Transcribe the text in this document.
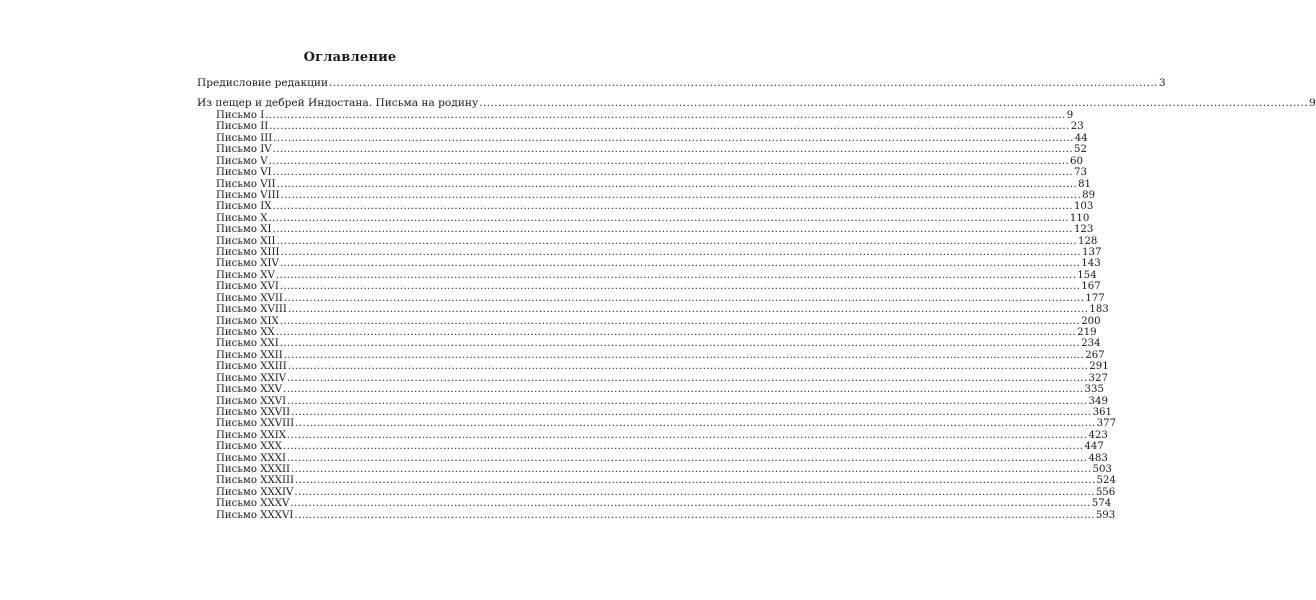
Оглавление
Предисловие редакции ............................................................................................................................................................................................................................ 3
Из пещер и дебрей Индостана. Письма на родину ............................................................................................................................................................................................................................ 9
Письмо I ............................................................................................................................................................................................................................ 9
Письмо II ............................................................................................................................................................................................................................ 23
Письмо III ............................................................................................................................................................................................................................ 44
Письмо IV ............................................................................................................................................................................................................................ 52
Письмо V ............................................................................................................................................................................................................................ 60
Письмо VI ............................................................................................................................................................................................................................ 73
Письмо VII ............................................................................................................................................................................................................................ 81
Письмо VIII ............................................................................................................................................................................................................................ 89
Письмо IX ............................................................................................................................................................................................................................ 103
Письмо X ............................................................................................................................................................................................................................ 110
Письмо XI ............................................................................................................................................................................................................................ 123
Письмо XII ............................................................................................................................................................................................................................ 128
Письмо XIII ............................................................................................................................................................................................................................ 137
Письмо XIV ............................................................................................................................................................................................................................ 143
Письмо XV ............................................................................................................................................................................................................................ 154
Письмо XVI ............................................................................................................................................................................................................................ 167
Письмо XVII ............................................................................................................................................................................................................................ 177
Письмо XVIII ............................................................................................................................................................................................................................ 183
Письмо XIX ............................................................................................................................................................................................................................ 200
Письмо XX ............................................................................................................................................................................................................................ 219
Письмо XXI ............................................................................................................................................................................................................................ 234
Письмо XXII ............................................................................................................................................................................................................................ 267
Письмо XXIII ............................................................................................................................................................................................................................ 291
Письмо XXIV ............................................................................................................................................................................................................................ 327
Письмо XXV ............................................................................................................................................................................................................................ 335
Письмо XXVI ............................................................................................................................................................................................................................ 349
Письмо XXVII ............................................................................................................................................................................................................................ 361
Письмо XXVIII ............................................................................................................................................................................................................................ 377
Письмо XXIX ............................................................................................................................................................................................................................ 423
Письмо XXX ............................................................................................................................................................................................................................ 447
Письмо XXXI ............................................................................................................................................................................................................................ 483
Письмо XXXII ............................................................................................................................................................................................................................ 503
Письмо XXXIII ............................................................................................................................................................................................................................ 524
Письмо XXXIV ............................................................................................................................................................................................................................ 556
Письмо XXXV ............................................................................................................................................................................................................................ 574
Письмо XXXVI ............................................................................................................................................................................................................................ 593
